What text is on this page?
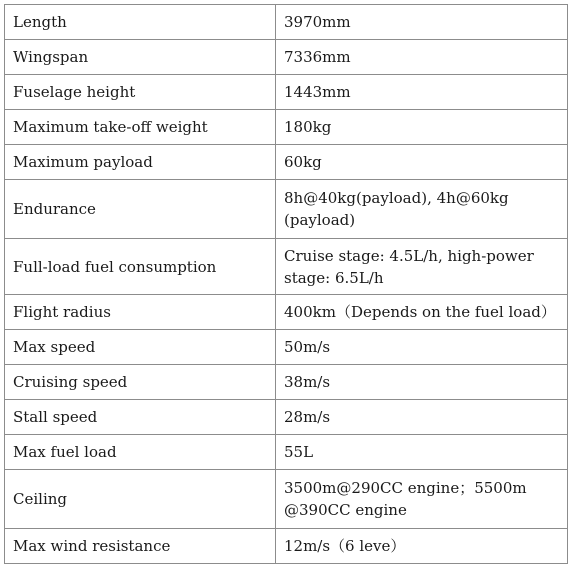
Length	3970mm
Wingspan	7336mm
Fuselage height	1443mm
Maximum take-off weight	180kg
Maximum payload	60kg
Endurance	8h@40kg(payload), 4h@60kg (payload)
Full-load fuel consumption	Cruise stage: 4.5L/h, high-power stage: 6.5L/h
Flight radius	400km（Depends on the fuel load）
Max speed	50m/s
Cruising speed	38m/s
Stall speed	28m/s
Max fuel load	55L
Ceiling	3500m@290CC engine；5500m @390CC engine
Max wind resistance	12m/s（6 leve）
